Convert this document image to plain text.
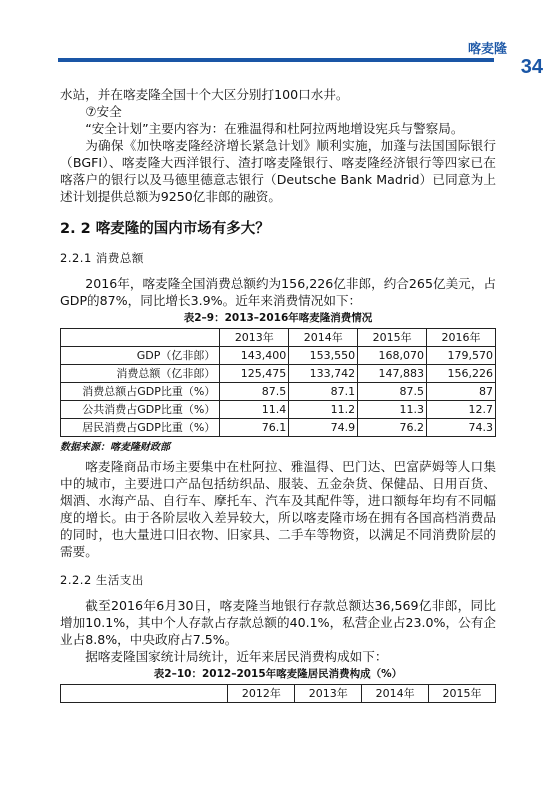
喀麦隆
34

水站，并在喀麦隆全国十个大区分别打100口水井。

⑦安全

“安全计划”主要内容为：在雅温得和杜阿拉两地增设宪兵与警察局。

为确保《加快喀麦隆经济增长紧急计划》顺利实施，加蓬与法国国际银行（BGFI）、喀麦隆大西洋银行、渣打喀麦隆银行、喀麦隆经济银行等四家已在喀落户的银行以及马德里德意志银行（Deutsche Bank Madrid）已同意为上述计划提供总额为9250亿非郎的融资。

2. 2 喀麦隆的国内市场有多大？
2.2.1 消费总额

2016年，喀麦隆全国消费总额约为156,226亿非郎，约合265亿美元，占GDP的87%，同比增长3.9%。近年来消费情况如下：

表2–9：2013–2016年喀麦隆消费情况
	2013年	2014年	2015年	2016年
GDP（亿非郎）	143,400	153,550	168,070	179,570
消费总额（亿非郎）	125,475	133,742	147,883	156,226
消费总额占GDP比重（%）	87.5	87.1	87.5	87
公共消费占GDP比重（%）	11.4	11.2	11.3	12.7
居民消费占GDP比重（%）	76.1	74.9	76.2	74.3
数据来源：喀麦隆财政部

喀麦隆商品市场主要集中在杜阿拉、雅温得、巴门达、巴富萨姆等人口集中的城市，主要进口产品包括纺织品、服装、五金杂货、保健品、日用百货、烟酒、水海产品、自行车、摩托车、汽车及其配件等，进口额每年均有不同幅度的增长。由于各阶层收入差异较大，所以喀麦隆市场在拥有各国高档消费品的同时，也大量进口旧衣物、旧家具、二手车等物资，以满足不同消费阶层的需要。

2.2.2 生活支出

截至2016年6月30日，喀麦隆当地银行存款总额达36,569亿非郎，同比增加10.1%，其中个人存款占存款总额的40.1%，私营企业占23.0%，公有企业占8.8%，中央政府占7.5%。

据喀麦隆国家统计局统计，近年来居民消费构成如下：

表2–10：2012–2015年喀麦隆居民消费构成（%）
	2012年	2013年	2014年	2015年
